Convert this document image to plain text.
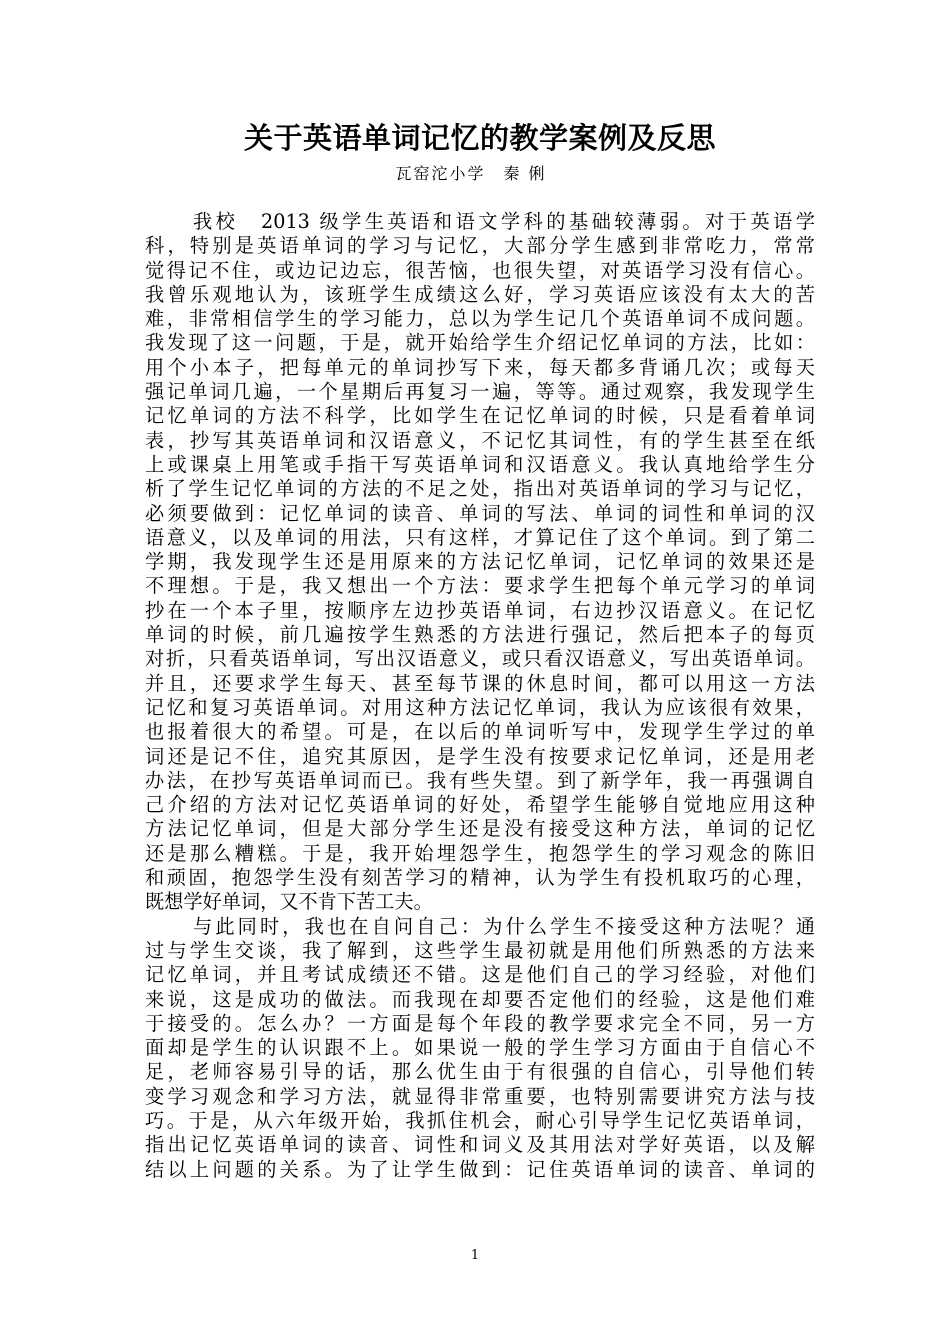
关于英语单词记忆的教学案例及反思

瓦窑沱小学 秦 俐

我校　2013 级学生英语和语文学科的基础较薄弱。对于英语学
科，特别是英语单词的学习与记忆，大部分学生感到非常吃力，常常
觉得记不住，或边记边忘，很苦恼，也很失望，对英语学习没有信心。
我曾乐观地认为，该班学生成绩这么好，学习英语应该没有太大的苦
难，非常相信学生的学习能力，总以为学生记几个英语单词不成问题。
我发现了这一问题，于是，就开始给学生介绍记忆单词的方法，比如：
用个小本子，把每单元的单词抄写下来，每天都多背诵几次；或每天
强记单词几遍，一个星期后再复习一遍，等等。通过观察，我发现学生
记忆单词的方法不科学，比如学生在记忆单词的时候，只是看着单词
表，抄写其英语单词和汉语意义，不记忆其词性，有的学生甚至在纸
上或课桌上用笔或手指干写英语单词和汉语意义。我认真地给学生分
析了学生记忆单词的方法的不足之处，指出对英语单词的学习与记忆，
必须要做到：记忆单词的读音、单词的写法、单词的词性和单词的汉
语意义，以及单词的用法，只有这样，才算记住了这个单词。到了第二
学期，我发现学生还是用原来的方法记忆单词，记忆单词的效果还是
不理想。于是，我又想出一个方法：要求学生把每个单元学习的单词
抄在一个本子里，按顺序左边抄英语单词，右边抄汉语意义。在记忆
单词的时候，前几遍按学生熟悉的方法进行强记，然后把本子的每页
对折，只看英语单词，写出汉语意义，或只看汉语意义，写出英语单词。
并且，还要求学生每天、甚至每节课的休息时间，都可以用这一方法
记忆和复习英语单词。对用这种方法记忆单词，我认为应该很有效果，
也报着很大的希望。可是，在以后的单词听写中，发现学生学过的单
词还是记不住，追究其原因，是学生没有按要求记忆单词，还是用老
办法，在抄写英语单词而已。我有些失望。到了新学年，我一再强调自
己介绍的方法对记忆英语单词的好处，希望学生能够自觉地应用这种
方法记忆单词，但是大部分学生还是没有接受这种方法，单词的记忆
还是那么糟糕。于是，我开始埋怨学生，抱怨学生的学习观念的陈旧
和顽固，抱怨学生没有刻苦学习的精神，认为学生有投机取巧的心理，
既想学好单词，又不肯下苦工夫。
与此同时，我也在自问自己：为什么学生不接受这种方法呢？通
过与学生交谈，我了解到，这些学生最初就是用他们所熟悉的方法来
记忆单词，并且考试成绩还不错。这是他们自己的学习经验，对他们
来说，这是成功的做法。而我现在却要否定他们的经验，这是他们难
于接受的。怎么办？一方面是每个年段的教学要求完全不同，另一方
面却是学生的认识跟不上。如果说一般的学生学习方面由于自信心不
足，老师容易引导的话，那么优生由于有很强的自信心，引导他们转
变学习观念和学习方法，就显得非常重要，也特别需要讲究方法与技
巧。于是，从六年级开始，我抓住机会，耐心引导学生记忆英语单词，
指出记忆英语单词的读音、词性和词义及其用法对学好英语，以及解
结以上问题的关系。为了让学生做到：记住英语单词的读音、单词的
1
